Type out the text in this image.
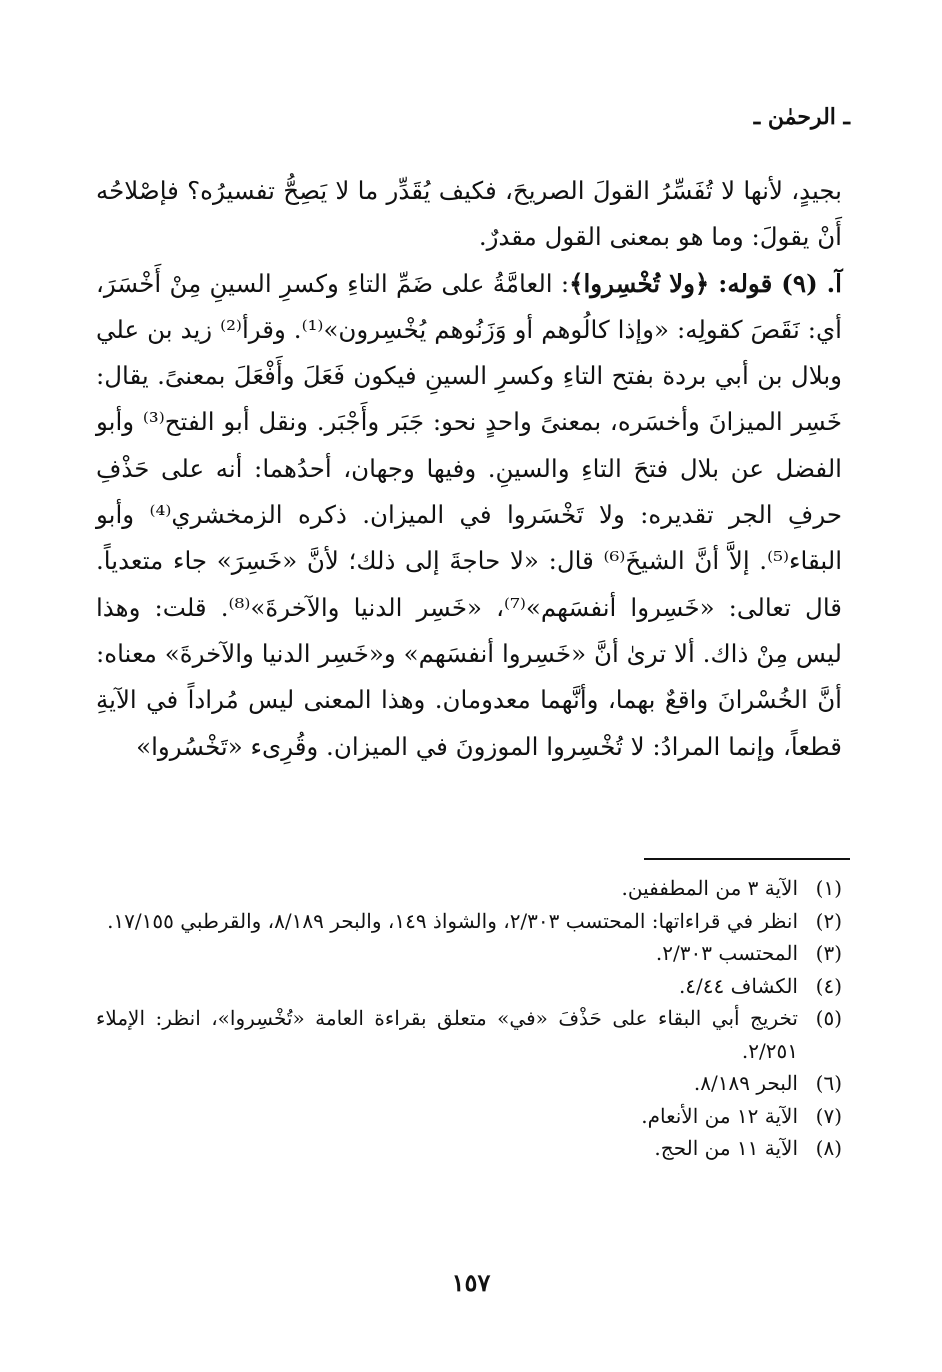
ـ الرحمٰن ـ

بجيدٍ، لأنها لا تُفَسِّرُ القولَ الصريحَ، فكيف يُقَدِّر ما لا يَصِحُّ تفسيرُه؟ فإصْلاحُه أَنْ يقولَ: وما هو بمعنى القول مقدرٌ.

آ. (٩) قوله: ﴿ولا تُخْسِروا﴾: العامَّةُ على ضَمِّ التاءِ وكسرِ السينِ مِنْ أَخْسَرَ، أي: نَقَصَ كقولِه: «وإذا كالُوهم أو وَزَنُوهم يُخْسِرون»⁽¹⁾. وقرأ⁽²⁾ زيد بن علي وبلال بن أبي بردة بفتح التاءِ وكسرِ السينِ فيكون فَعَلَ وأَفْعَلَ بمعنىً. يقال: خَسِر الميزانَ وأخسَره، بمعنىً واحدٍ نحو: جَبَر وأَجْبَر. ونقل أبو الفتح⁽³⁾ وأبو الفضل عن بلال فتحَ التاءِ والسينِ. وفيها وجهان، أحدُهما: أنه على حَذْفِ حرفِ الجر تقديره: ولا تَخْسَروا في الميزان. ذكره الزمخشري⁽⁴⁾ وأبو البقاء⁽⁵⁾. إلاَّ أنَّ الشيخَ⁽⁶⁾ قال: «لا حاجةَ إلى ذلك؛ لأنَّ «خَسِرَ» جاء متعدياً. قال تعالى: «خَسِروا أنفسَهم»⁽⁷⁾، «خَسِر الدنيا والآخرةَ»⁽⁸⁾. قلت: وهذا ليس مِنْ ذاك. ألا ترىٰ أنَّ «خَسِروا أنفسَهم» و«خَسِر الدنيا والآخرةَ» معناه: أنَّ الخُسْرانَ واقعٌ بهما، وأنَّهما معدومان. وهذا المعنى ليس مُراداً في الآيةِ قطعاً، وإنما المرادُ: لا تُخْسِروا الموزونَ في الميزان. وقُرِىء «تَخْسُروا»

(١)
الآية ٣ من المطففين.
(٢)
انظر في قراءاتها: المحتسب ٢/٣٠٣، والشواذ ١٤٩، والبحر ٨/١٨٩، والقرطبي ١٧/١٥٥.
(٣)
المحتسب ٢/٣٠٣.
(٤)
الكشاف ٤/٤٤.
(٥)
تخريج أبي البقاء على حَذْفَ «في» متعلق بقراءة العامة «تُخْسِروا»، انظر: الإملاء ٢/٢٥١.
(٦)
البحر ٨/١٨٩.
(٧)
الآية ١٢ من الأنعام.
(٨)
الآية ١١ من الحج.
١٥٧
